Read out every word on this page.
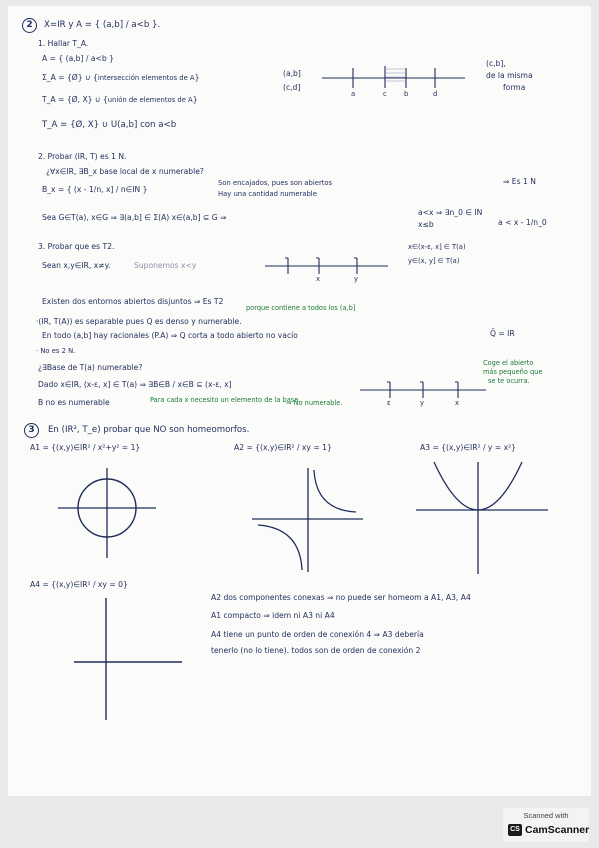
2	X=IR y A = { (a,b] / a<b }.
1. Hallar T_A.
A = { (a,b] / a<b }
Σ_A = {Ø} ∪ {intersección elementos de A}
T_A = {Ø, X} ∪ {unión de elementos de A}
T_A = {Ø, X} ∪ U(a,b] con a<b
(a,b]
(c,d]
a	c	b	d
(c,b],
de la misma
forma
2. Probar (IR, T) es 1 N.
¿∀x∈IR, ∃B_x base local de x numerable?
B_x = { (x - 1/n, x] / n∈IN }
Son encajados, pues son abiertos
Hay una cantidad numerable
⇒ Es 1 N
Sea G∈T(a), x∈G ⇒ ∃(a,b] ∈ Σ(A) x∈(a,b] ⊆ G ⇒
a<x ⇒ ∃n_0 ∈ IN
x≤b	a < x - 1/n_0
3. Probar que es T2.
Sean x,y∈IR, x≠y.	Suponemos x<y
x	y
x∈(x-ε, x] ∈ T(a)
y∈(x, y] ∈ T(a)
Existen dos entornos abiertos disjuntos ⇒ Es T2
porque contiene a todos los (a,b]
·(IR, T(A)) es separable pues Q es denso y numerable.
En todo (a,b] hay racionales (P.A) ⇒ Q corta a todo abierto no vacío	Q̄ = IR
· No es 2 N.
¿∃Base de T(a) numerable?
Dado x∈IR, (x-ε, x] ∈ T(a) ⇒ ∃B∈B / x∈B ⊆ (x-ε, x]
B no es numerable	Para cada x necesito un elemento de la base.
⇒ No numerable.
Coge el abierto
más pequeño que
se te ocurra.
ε	y	x
3	En (IR², T_e) probar que NO son homeomorfos.
A1 = {(x,y)∈IR² / x²+y² = 1}	A2 = {(x,y)∈IR² / xy = 1}	A3 = {(x,y)∈IR² / y = x²}
A4 = {(x,y)∈IR² / xy = 0}
A2 dos componentes conexas ⇒ no puede ser homeom a A1, A3, A4
A1 compacto ⇒ idem ni A3 ni A4
A4 tiene un punto de orden de conexión 4 ⇒ A3 debería
tenerlo (no lo tiene). todos son de orden de conexión 2
Scanned with
CS CamScanner
